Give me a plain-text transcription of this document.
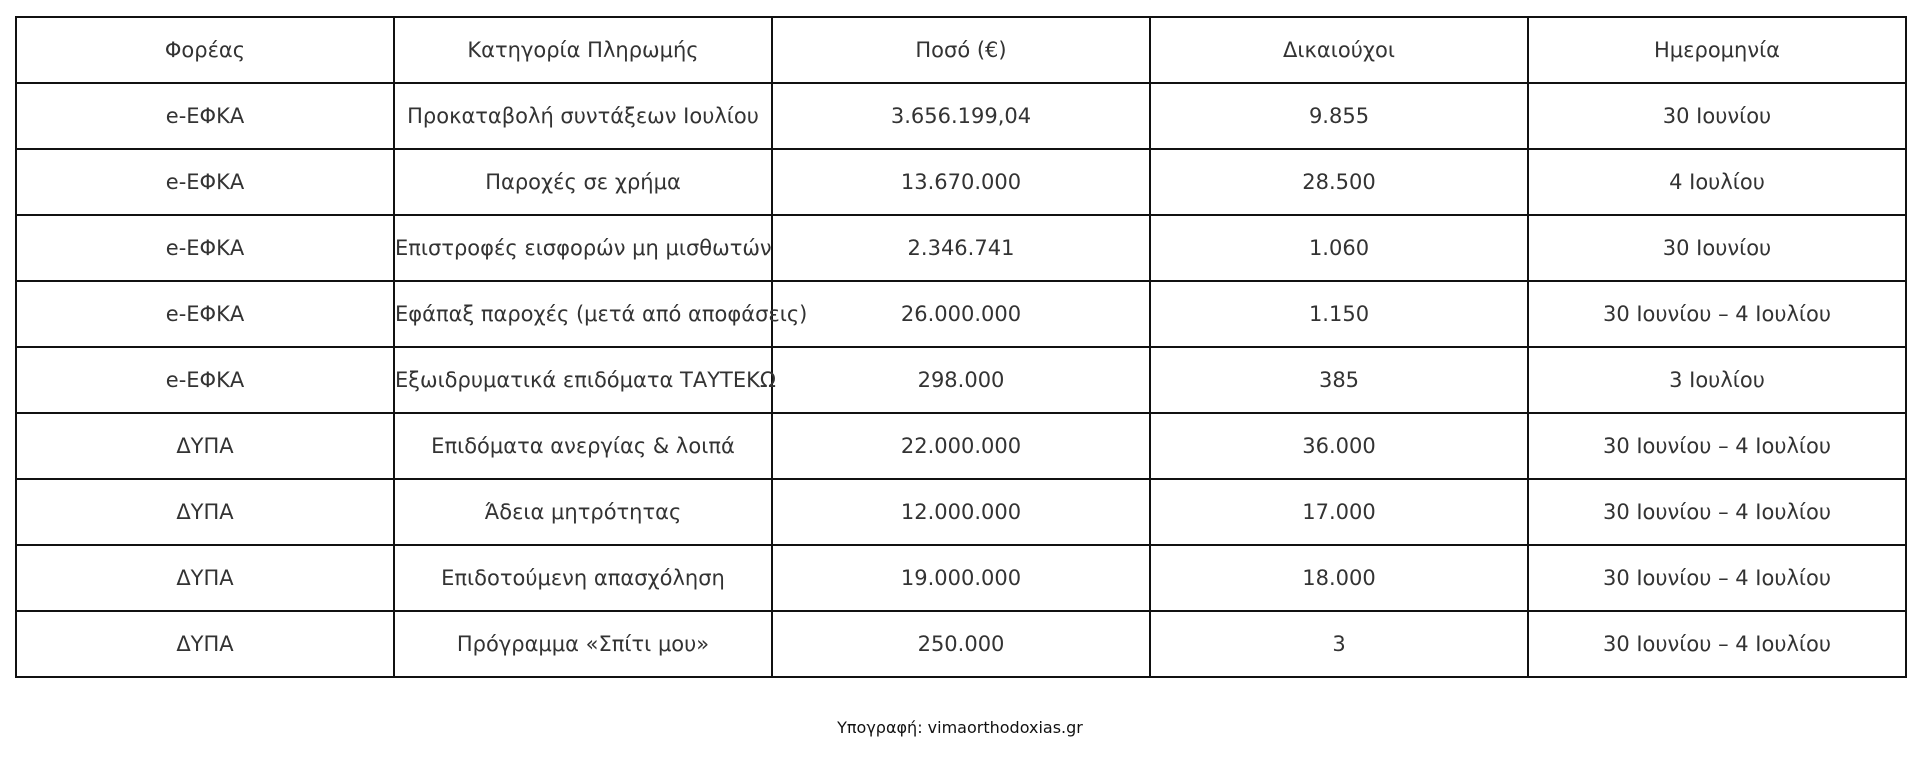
Φορέας	Κατηγορία Πληρωμής	Ποσό (€)	Δικαιούχοι	Ημερομηνία
e-ΕΦΚΑ	Προκαταβολή συντάξεων Ιουλίου	3.656.199,04	9.855	30 Ιουνίου
e-ΕΦΚΑ	Παροχές σε χρήμα	13.670.000	28.500	4 Ιουλίου
e-ΕΦΚΑ	Επιστροφές εισφορών μη μισθωτών	2.346.741	1.060	30 Ιουνίου
e-ΕΦΚΑ	Εφάπαξ παροχές (μετά από αποφάσεις)	26.000.000	1.150	30 Ιουνίου – 4 Ιουλίου
e-ΕΦΚΑ	Εξωιδρυματικά επιδόματα ΤΑΥΤΕΚΩ	298.000	385	3 Ιουλίου
ΔΥΠΑ	Επιδόματα ανεργίας & λοιπά	22.000.000	36.000	30 Ιουνίου – 4 Ιουλίου
ΔΥΠΑ	Άδεια μητρότητας	12.000.000	17.000	30 Ιουνίου – 4 Ιουλίου
ΔΥΠΑ	Επιδοτούμενη απασχόληση	19.000.000	18.000	30 Ιουνίου – 4 Ιουλίου
ΔΥΠΑ	Πρόγραμμα «Σπίτι μου»	250.000	3	30 Ιουνίου – 4 Ιουλίου
Υπογραφή: vimaorthodoxias.gr
